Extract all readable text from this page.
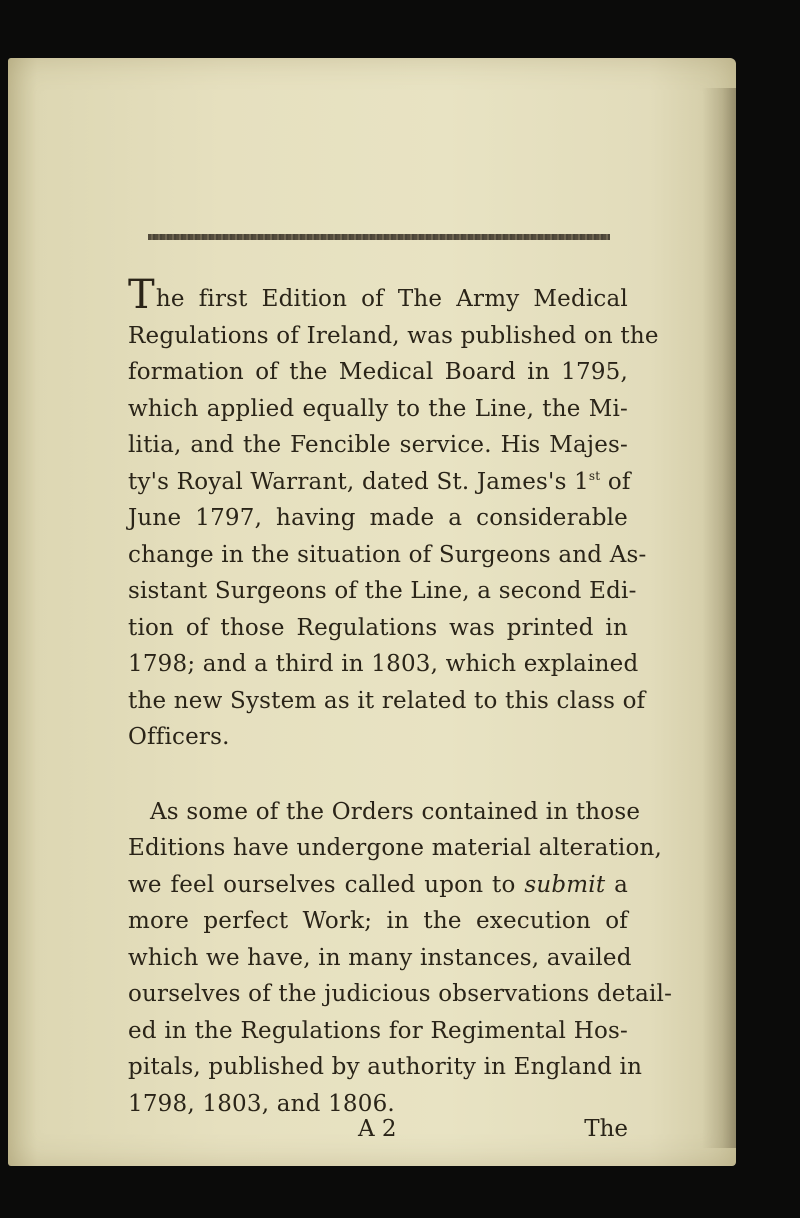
The first Edition of The Army Medical

Regulations of Ireland, was published on the

formation of the Medical Board in 1795,

which applied equally to the Line, the Mi-

litia, and the Fencible service. His Majes-

ty's Royal Warrant, dated St. James's 1st of

June 1797, having made a considerable

change in the situation of Surgeons and As-

sistant Surgeons of the Line, a second Edi-

tion of those Regulations was printed in

1798; and a third in 1803, which explained

the new System as it related to this class of

Officers.

As some of the Orders contained in those

Editions have undergone material alteration,

we feel ourselves called upon to submit a

more perfect Work; in the execution of

which we have, in many instances, availed

ourselves of the judicious observations detail-

ed in the Regulations for Regimental Hos-

pitals, published by authority in England in

1798, 1803, and 1806.

A 2	The
